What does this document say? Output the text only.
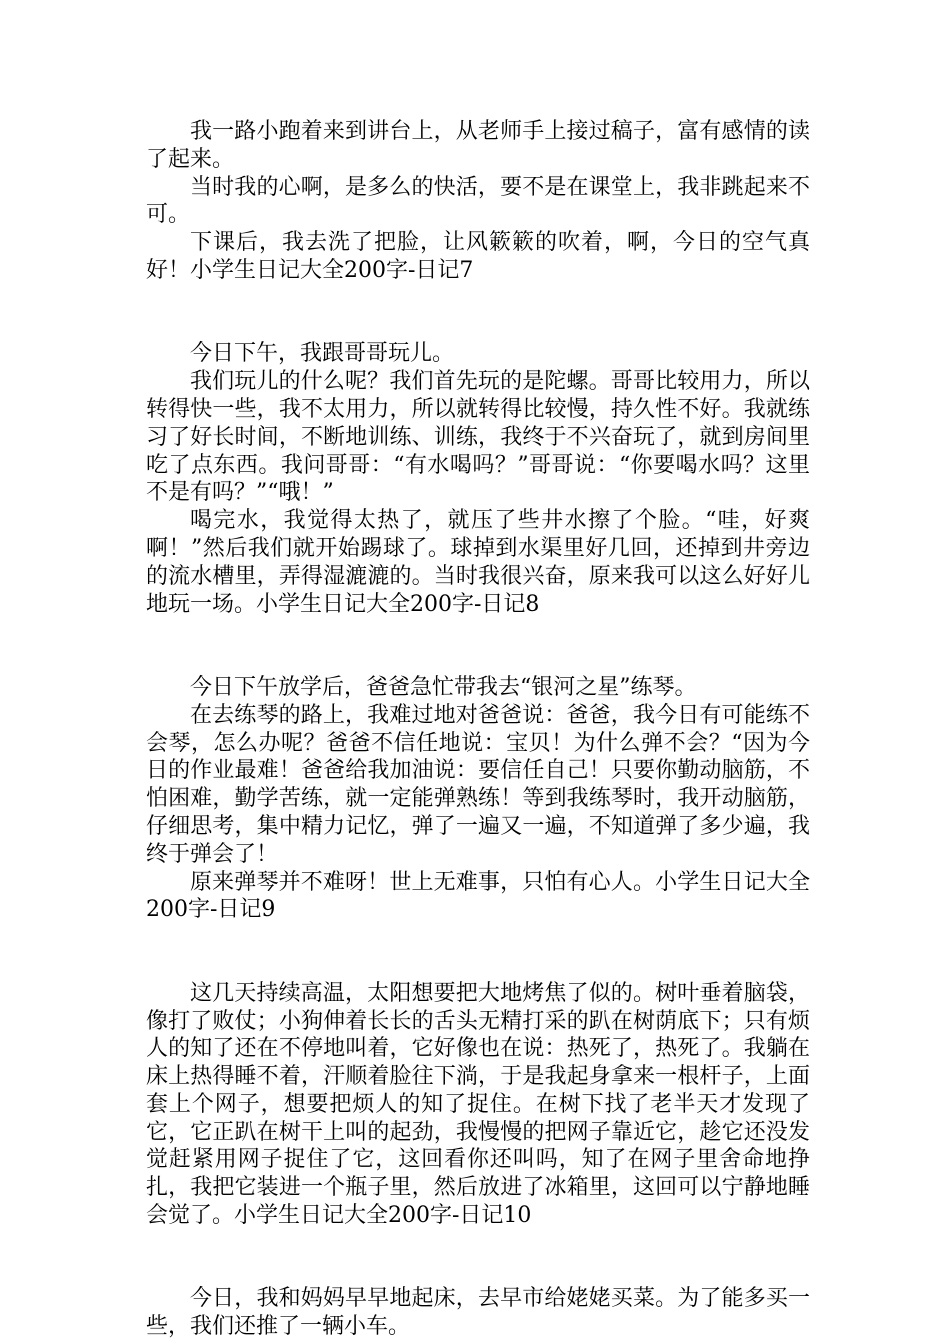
我一路小跑着来到讲台上，从老师手上接过稿子，富有感情的读了起来。

当时我的心啊，是多么的快活，要不是在课堂上，我非跳起来不可。

下课后，我去洗了把脸，让风簌簌的吹着，啊，今日的空气真好！小学生日记大全200字-日记7

今日下午，我跟哥哥玩儿。

我们玩儿的什么呢？我们首先玩的是陀螺。哥哥比较用力，所以转得快一些，我不太用力，所以就转得比较慢，持久性不好。我就练习了好长时间，不断地训练、训练，我终于不兴奋玩了，就到房间里吃了点东西。我问哥哥：“有水喝吗？”哥哥说：“你要喝水吗？这里不是有吗？”“哦！”

喝完水，我觉得太热了，就压了些井水擦了个脸。“哇，好爽啊！”然后我们就开始踢球了。球掉到水渠里好几回，还掉到井旁边的流水槽里，弄得湿漉漉的。当时我很兴奋，原来我可以这么好好儿地玩一场。小学生日记大全200字-日记8

今日下午放学后，爸爸急忙带我去“银河之星”练琴。

在去练琴的路上，我难过地对爸爸说：爸爸，我今日有可能练不会琴，怎么办呢？爸爸不信任地说：宝贝！为什么弹不会？“因为今日的作业最难！爸爸给我加油说：要信任自己！只要你勤动脑筋，不怕困难，勤学苦练，就一定能弹熟练！等到我练琴时，我开动脑筋，仔细思考，集中精力记忆，弹了一遍又一遍，不知道弹了多少遍，我终于弹会了！

原来弹琴并不难呀！世上无难事，只怕有心人。小学生日记大全200字-日记9

这几天持续高温，太阳想要把大地烤焦了似的。树叶垂着脑袋，像打了败仗；小狗伸着长长的舌头无精打采的趴在树荫底下；只有烦人的知了还在不停地叫着，它好像也在说：热死了，热死了。我躺在床上热得睡不着，汗顺着脸往下淌，于是我起身拿来一根杆子，上面套上个网子，想要把烦人的知了捉住。在树下找了老半天才发现了它，它正趴在树干上叫的起劲，我慢慢的把网子靠近它，趁它还没发觉赶紧用网子捉住了它，这回看你还叫吗，知了在网子里舍命地挣扎，我把它装进一个瓶子里，然后放进了冰箱里，这回可以宁静地睡会觉了。小学生日记大全200字-日记10

今日，我和妈妈早早地起床，去早市给姥姥买菜。为了能多买一些，我们还推了一辆小车。
